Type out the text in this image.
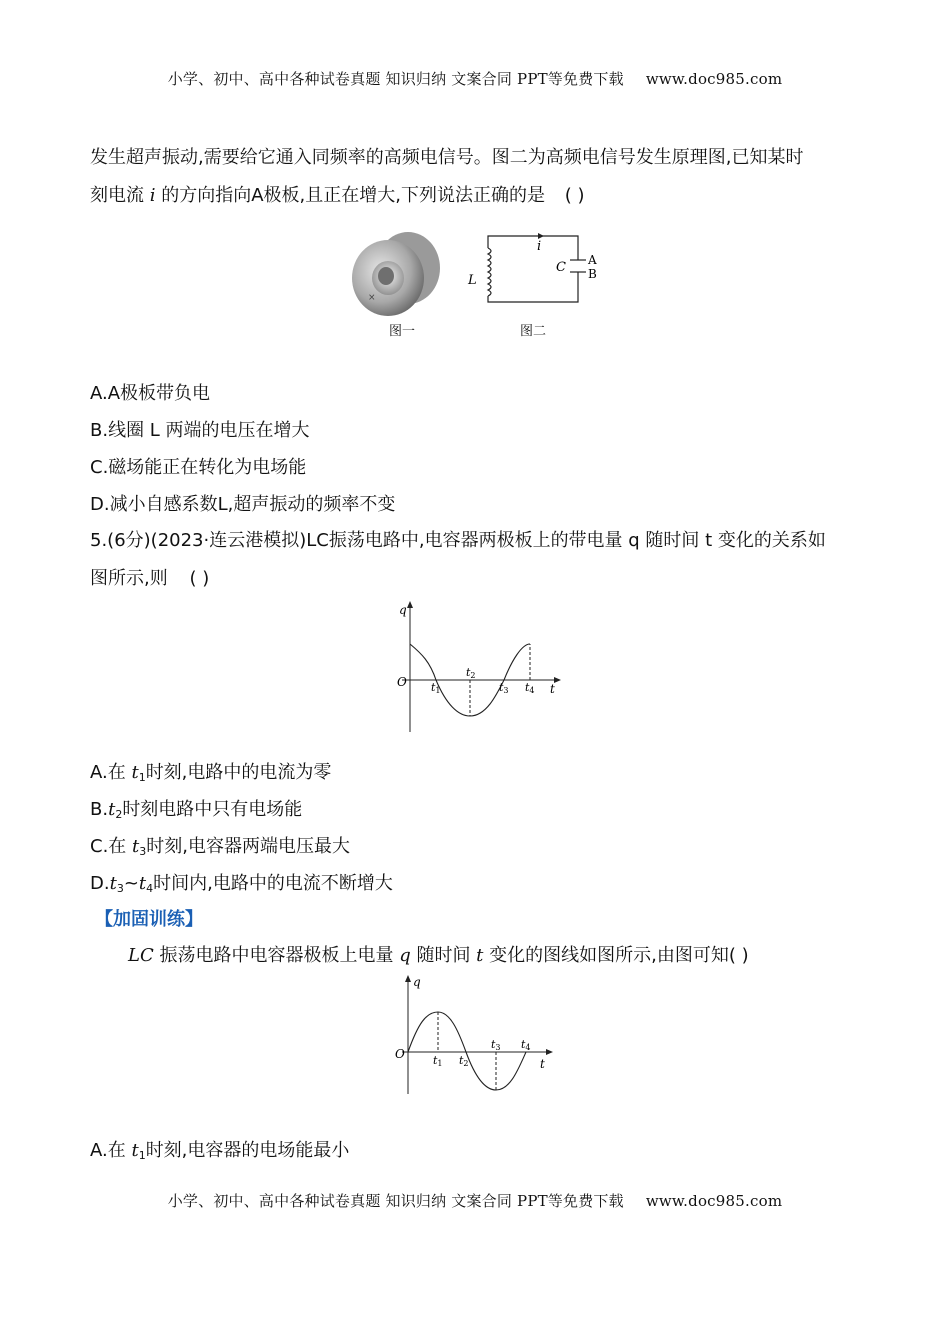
小学、初中、高中各种试卷真题 知识归纳 文案合同 PPT等免费下载 www.doc985.com
发生超声振动,需要给它通入同频率的高频电信号。图二为高频电信号发生原理图,已知某时
刻电流 i 的方向指向A极板,且正在增大,下列说法正确的是 ( )
×
图一
i
L
C A
B
图二
A.A极板带负电
B.线圈 L 两端的电压在增大
C.磁场能正在转化为电场能
D.减小自感系数L,超声振动的频率不变
5.(6分)(2023·连云港模拟)LC振荡电路中,电容器两极板上的带电量 q 随时间 t 变化的关系如
图所示,则 ( )
q
t
O t1
t2
t3 t4
A.在 $t_1$时刻,电路中的电流为零
$B.t_2$时刻电路中只有电场能
C.在 $t_3$时刻,电容器两端电压最大
$D.t_3\sim t_4$时间内,电路中的电流不断增大
【加固训练】
LC 振荡电路中电容器极板上电量 q 随时间 t 变化的图线如图所示,由图可知( )
q
t
O	t1 t2
t3 t4
A.在 $t_1$时刻,电容器的电场能最小
小学、初中、高中各种试卷真题 知识归纳 文案合同 PPT等免费下载 www.doc985.com
